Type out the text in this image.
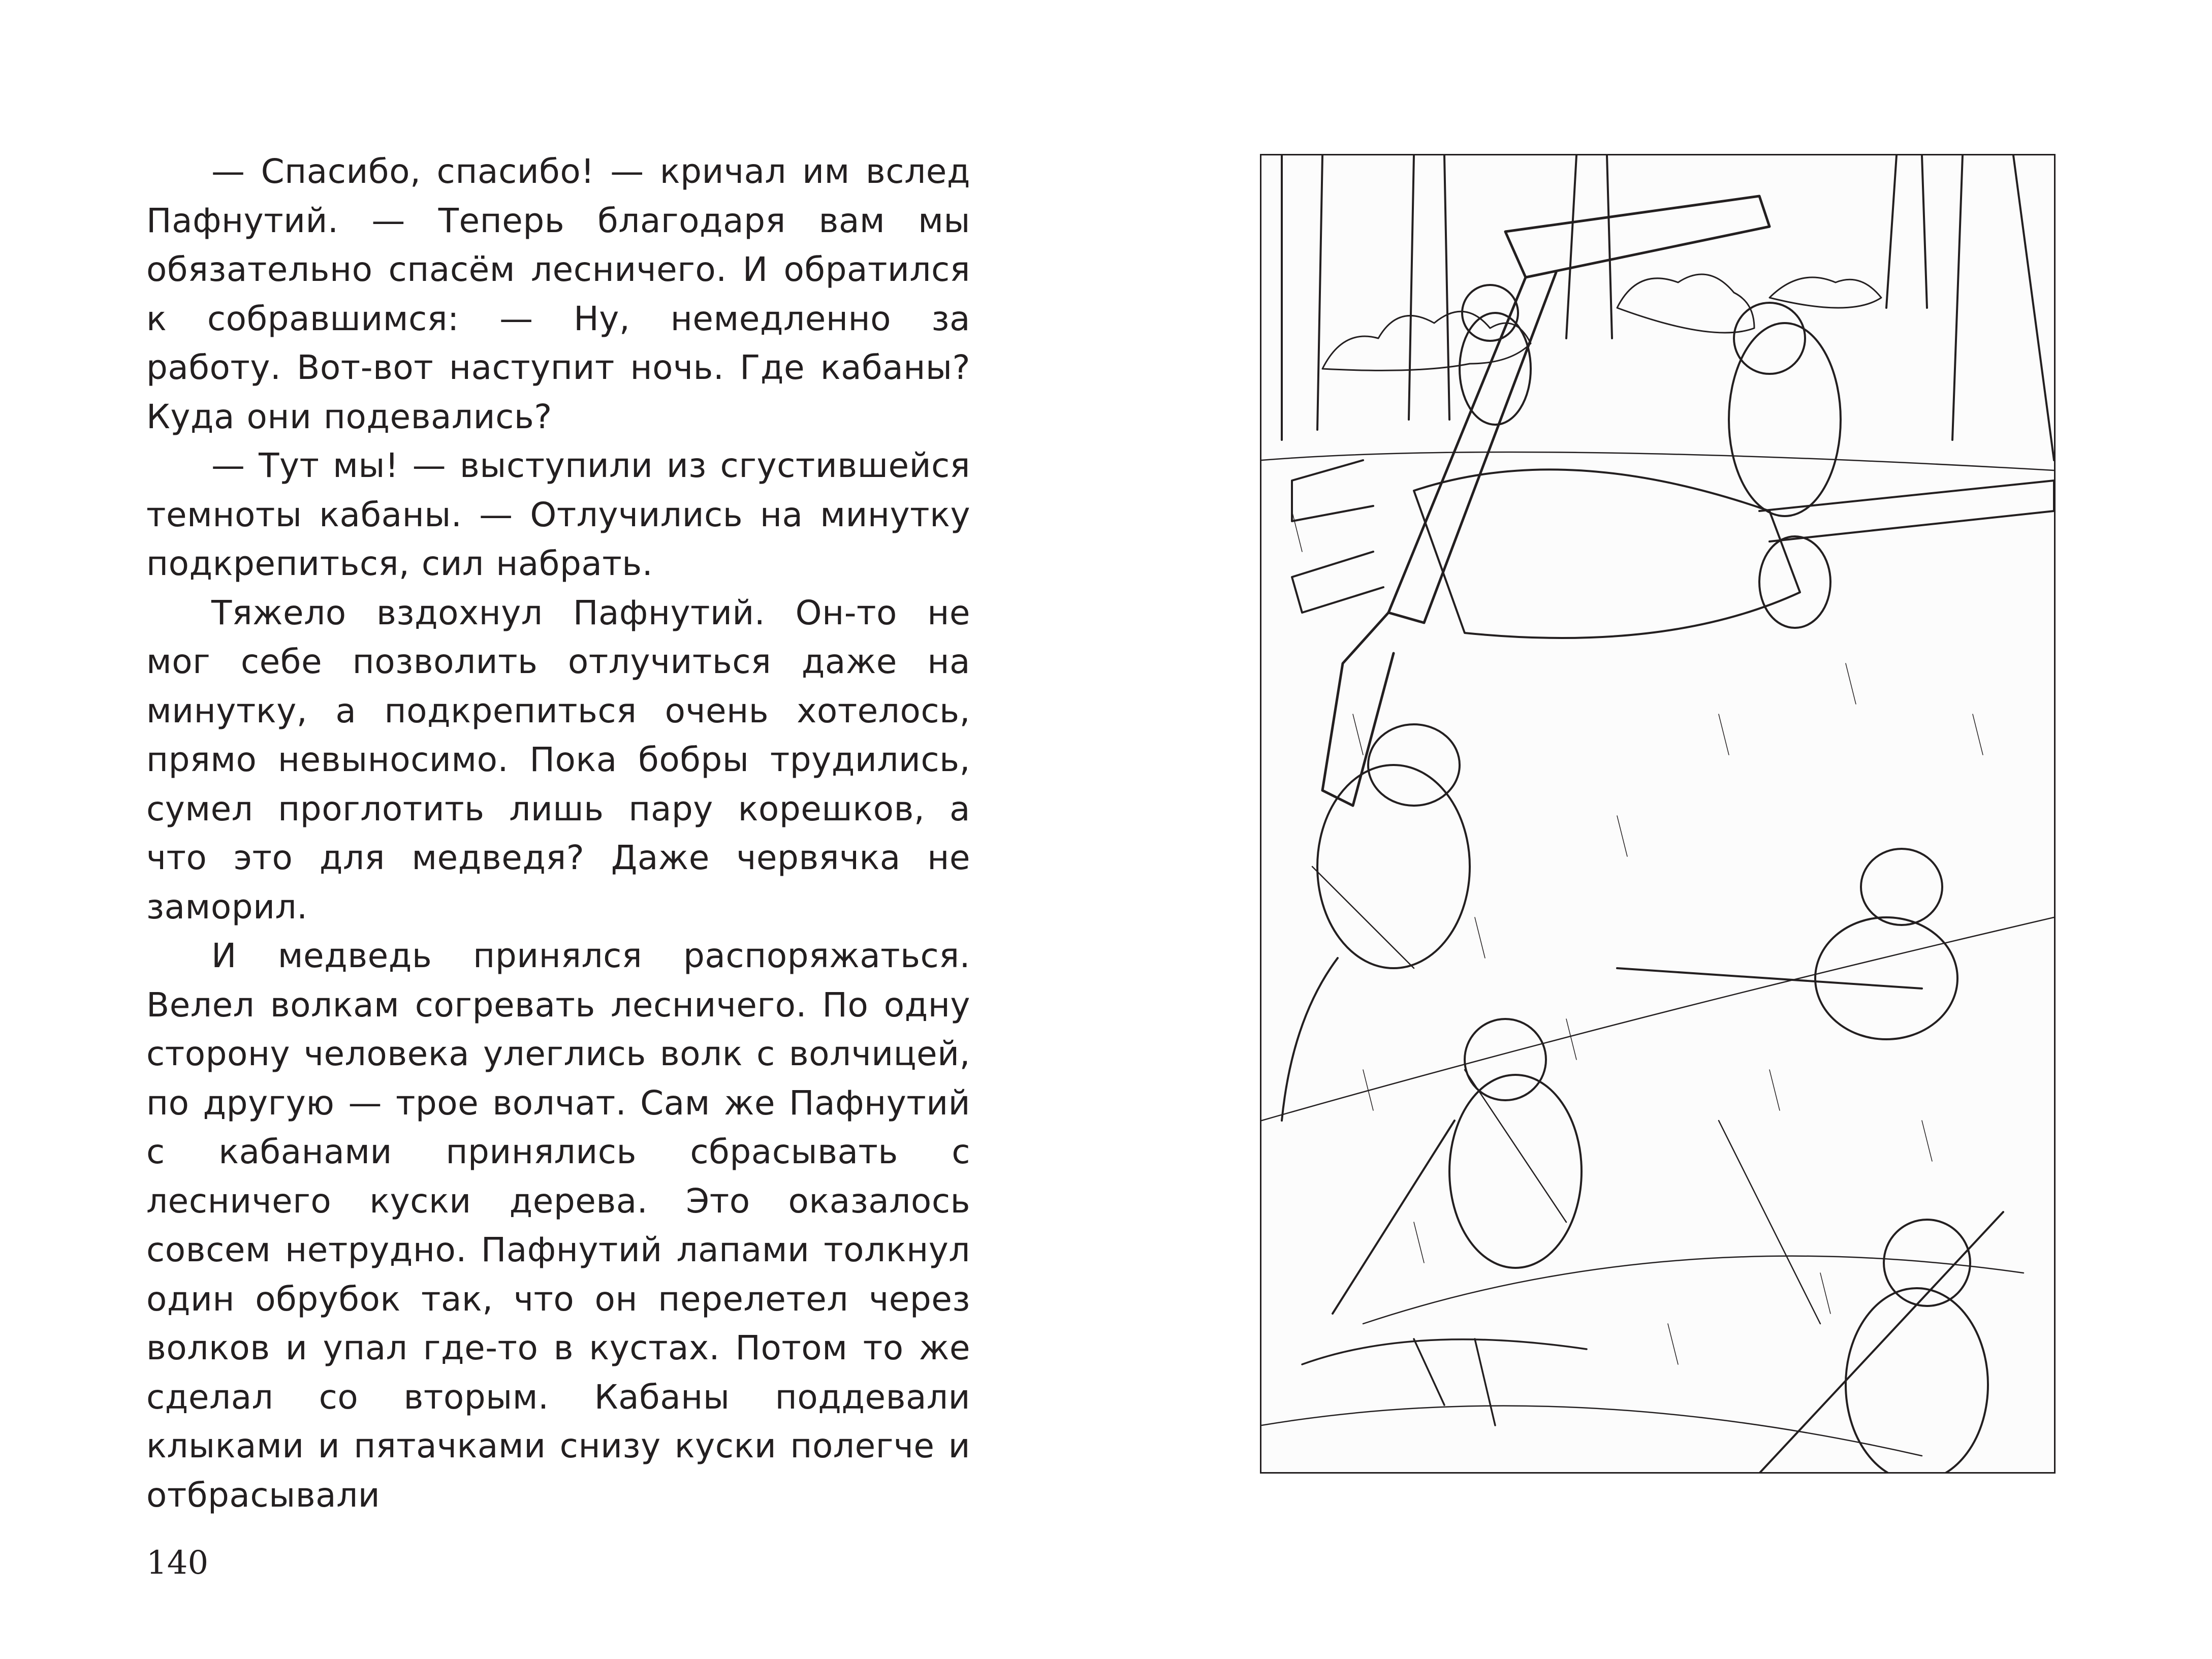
— Спасибо, спасибо! — кричал им вслед Пафнутий. — Теперь благодаря вам мы обязательно спасём лесничего. И обратился к собравшимся: — Ну, немедленно за работу. Вот-вот наступит ночь. Где кабаны? Куда они подевались?

— Тут мы! — выступили из сгустившейся темноты кабаны. — Отлучились на минутку подкрепиться, сил набрать.

Тяжело вздохнул Пафнутий. Он-то не мог себе позволить отлучиться даже на минутку, а подкрепиться очень хотелось, прямо невыносимо. Пока бобры трудились, сумел проглотить лишь пару корешков, а что это для медведя? Даже червячка не заморил.

И медведь принялся распоряжаться. Велел волкам согревать лесничего. По одну сторону человека улеглись волк с волчицей, по другую — трое волчат. Сам же Пафнутий с кабанами принялись сбрасывать с лесничего куски дерева. Это оказалось совсем нетрудно. Пафнутий лапами толкнул один обрубок так, что он перелетел через волков и упал где-то в кустах. Потом то же сделал со вторым. Кабаны поддевали клыками и пятачками снизу куски полегче и отбрасывали

140
